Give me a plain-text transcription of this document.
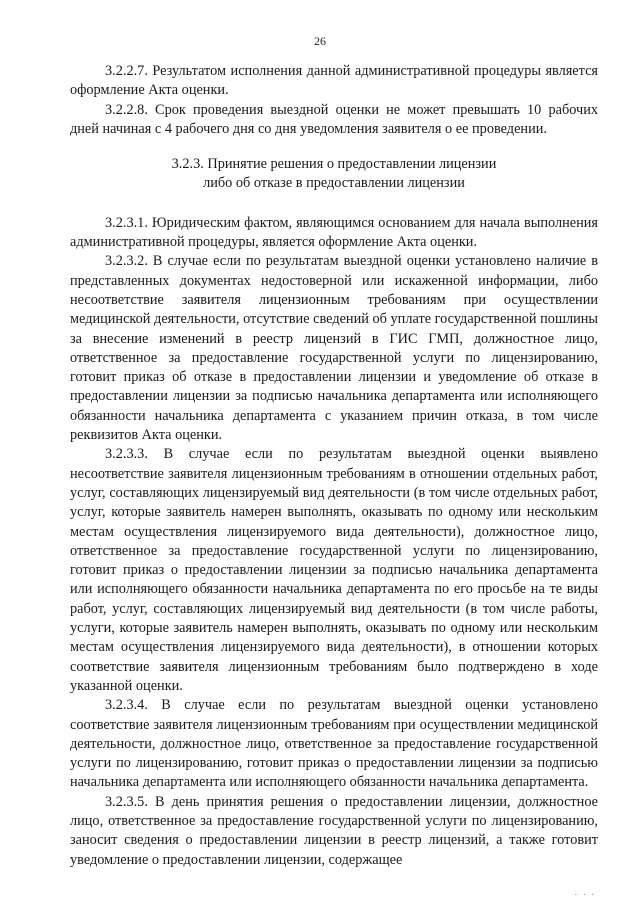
26

3.2.2.7. Результатом исполнения данной административной процедуры является оформление Акта оценки.

3.2.2.8. Срок проведения выездной оценки не может превышать 10 рабочих дней начиная с 4 рабочего дня со дня уведомления заявителя о ее проведении.

3.2.3. Принятие решения о предоставлении лицензии
либо об отказе в предоставлении лицензии

3.2.3.1. Юридическим фактом, являющимся основанием для начала выполнения административной процедуры, является оформление Акта оценки.

3.2.3.2. В случае если по результатам выездной оценки установлено наличие в представленных документах недостоверной или искаженной информации, либо несоответствие заявителя лицензионным требованиям при осуществлении медицинской деятельности, отсутствие сведений об уплате государственной пошлины за внесение изменений в реестр лицензий в ГИС ГМП, должностное лицо, ответственное за предоставление государственной услуги по лицензированию, готовит приказ об отказе в предоставлении лицензии и уведомление об отказе в предоставлении лицензии за подписью начальника департамента или исполняющего обязанности начальника департамента с указанием причин отказа, в том числе реквизитов Акта оценки.

3.2.3.3. В случае если по результатам выездной оценки выявлено несоответствие заявителя лицензионным требованиям в отношении отдельных работ, услуг, составляющих лицензируемый вид деятельности (в том числе отдельных работ, услуг, которые заявитель намерен выполнять, оказывать по одному или нескольким местам осуществления лицензируемого вида деятельности), должностное лицо, ответственное за предоставление государственной услуги по лицензированию, готовит приказ о предоставлении лицензии за подписью начальника департамента или исполняющего обязанности начальника департамента по его просьбе на те виды работ, услуг, составляющих лицензируемый вид деятельности (в том числе работы, услуги, которые заявитель намерен выполнять, оказывать по одному или нескольким местам осуществления лицензируемого вида деятельности), в отношении которых соответствие заявителя лицензионным требованиям было подтверждено в ходе указанной оценки.

3.2.3.4. В случае если по результатам выездной оценки установлено соответствие заявителя лицензионным требованиям при осуществлении медицинской деятельности, должностное лицо, ответственное за предоставление государственной услуги по лицензированию, готовит приказ о предоставлении лицензии за подписью начальника департамента или исполняющего обязанности начальника департамента.

3.2.3.5. В день принятия решения о предоставлении лицензии, должностное лицо, ответственное за предоставление государственной услуги по лицензированию, заносит сведения о предоставлении лицензии в реестр лицензий, а также готовит уведомление о предоставлении лицензии, содержащее

. . .
